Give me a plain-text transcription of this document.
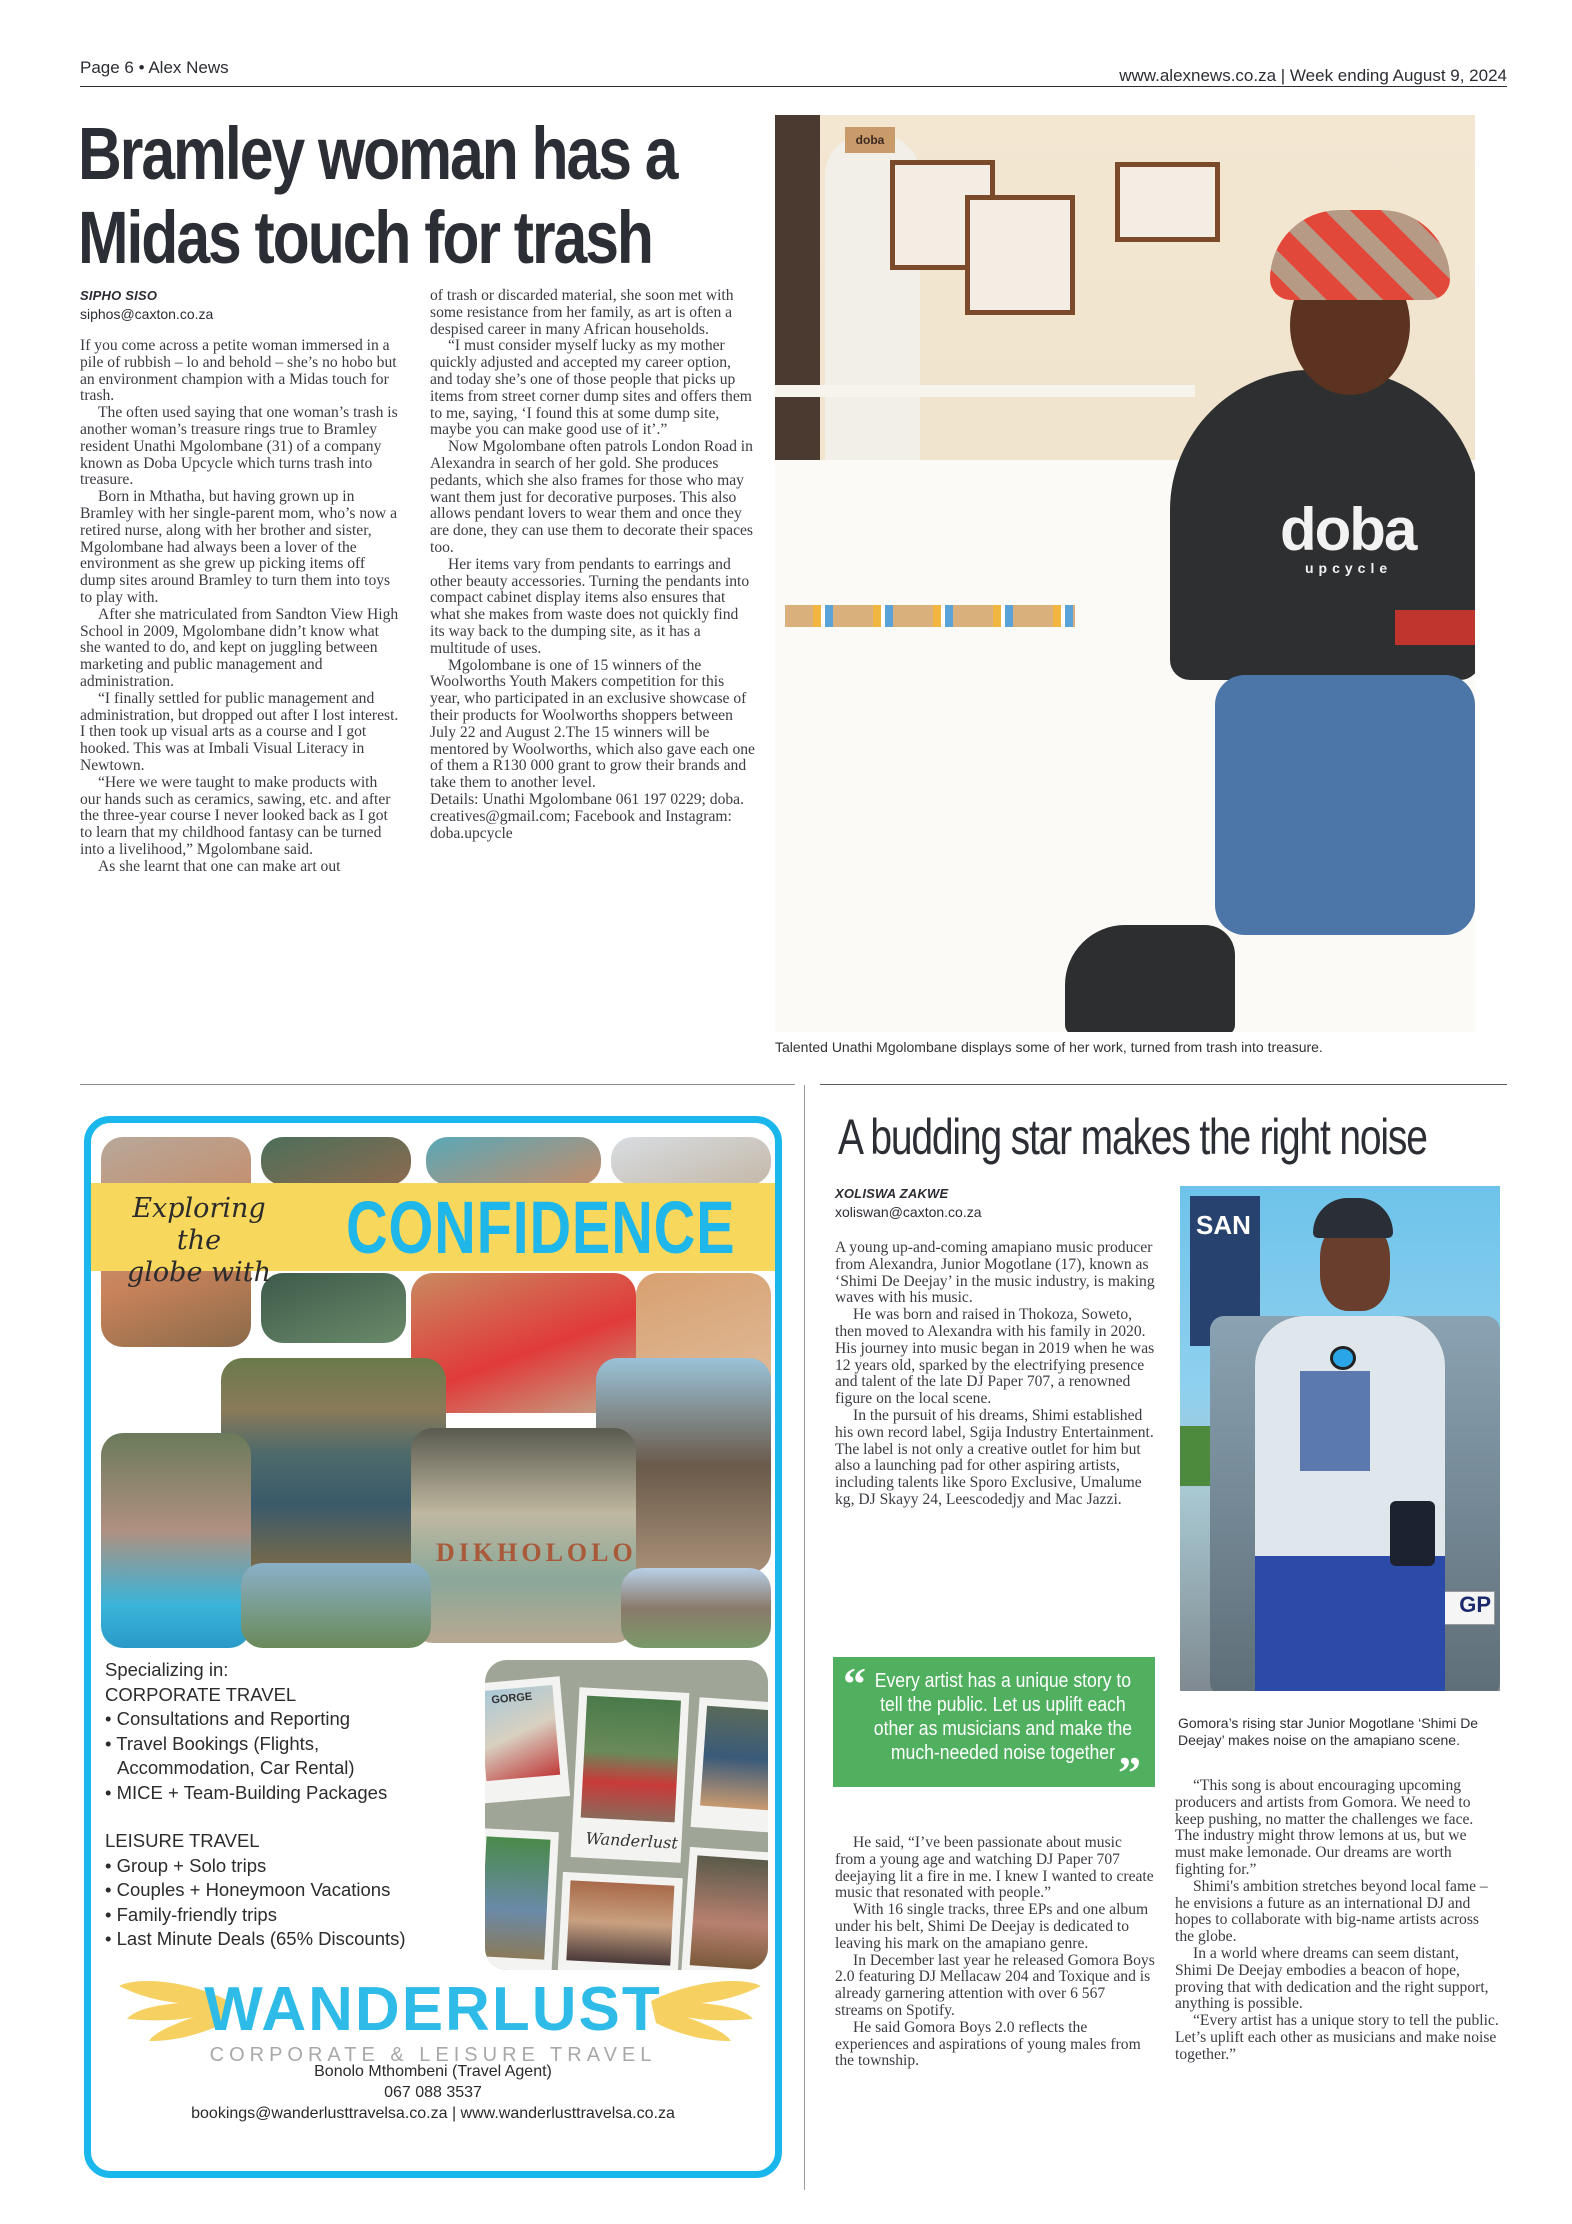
Page 6 • Alex News	www.alexnews.co.za | Week ending August 9, 2024
Bramley woman has a
Midas touch for trash
SIPHO SISO
siphos@caxton.co.za

If you come across a petite woman immersed in a pile of rubbish – lo and behold – she’s no hobo but an environment champion with a Midas touch for trash.

The often used saying that one woman’s trash is another woman’s treasure rings true to Bramley resident Unathi Mgolombane (31) of a company known as Doba Upcycle which turns trash into treasure.

Born in Mthatha, but having grown up in Bramley with her single-parent mom, who’s now a retired nurse, along with her brother and sister, Mgolombane had always been a lover of the environment as she grew up picking items off dump sites around Bramley to turn them into toys to play with.

After she matriculated from Sandton View High School in 2009, Mgolombane didn’t know what she wanted to do, and kept on juggling between marketing and public management and administration.

“I finally settled for public management and administration, but dropped out after I lost interest. I then took up visual arts as a course and I got hooked. This was at Imbali Visual Literacy in Newtown.

“Here we were taught to make products with our hands such as ceramics, sawing, etc. and after the three-year course I never looked back as I got to learn that my childhood fantasy can be turned into a livelihood,” Mgolombane said.

As she learnt that one can make art out

of trash or discarded material, she soon met with some resistance from her family, as art is often a despised career in many African households.

“I must consider myself lucky as my mother quickly adjusted and accepted my career option, and today she’s one of those people that picks up items from street corner dump sites and offers them to me, saying, ‘I found this at some dump site, maybe you can make good use of it’.”

Now Mgolombane often patrols London Road in Alexandra in search of her gold. She produces pedants, which she also frames for those who may want them just for decorative purposes. This also allows pendant lovers to wear them and once they are done, they can use them to decorate their spaces too.

Her items vary from pendants to earrings and other beauty accessories. Turning the pendants into compact cabinet display items also ensures that what she makes from waste does not quickly find its way back to the dumping site, as it has a multitude of uses.

Mgolombane is one of 15 winners of the Woolworths Youth Makers competition for this year, who participated in an exclusive showcase of their products for Woolworths shoppers between July 22 and August 2.The 15 winners will be mentored by Woolworths, which also gave each one of them a R130 000 grant to grow their brands and take them to another level.

Details: Unathi Mgolombane 061 197 0229; doba. creatives@gmail.com; Facebook and Instagram: doba.upcycle

doba
doba
upcycle
Talented Unathi Mgolombane displays some of her work, turned from trash into treasure.
DIKHOLOLO
Exploring the
globe with
CONFIDENCE
Specializing in:
CORPORATE TRAVEL
• Consultations and Reporting
• Travel Bookings (Flights,
Accommodation, Car Rental)
• MICE + Team-Building Packages
LEISURE TRAVEL
• Group + Solo trips
• Couples + Honeymoon Vacations
• Family-friendly trips
• Last Minute Deals (65% Discounts)
GORGE
Wanderlust
WANDERLUST
CORPORATE & LEISURE TRAVEL
Bonolo Mthombeni (Travel Agent)
067 088 3537
bookings@wanderlusttravelsa.co.za | www.wanderlusttravelsa.co.za
A budding star makes the right noise
XOLISWA ZAKWE
xoliswan@caxton.co.za

A young up-and-coming amapiano music producer from Alexandra, Junior Mogotlane (17), known as ‘Shimi De Deejay’ in the music industry, is making waves with his music.

He was born and raised in Thokoza, Soweto, then moved to Alexandra with his family in 2020. His journey into music began in 2019 when he was 12 years old, sparked by the electrifying presence and talent of the late DJ Paper 707, a renowned figure on the local scene.

In the pursuit of his dreams, Shimi established his own record label, Sgija Industry Entertainment. The label is not only a creative outlet for him but also a launching pad for other aspiring artists, including talents like Sporo Exclusive, Umalume kg, DJ Skayy 24, Leescodedjy and Mac Jazzi.

“ Every artist has a unique story to tell the public. Let us uplift each other as musicians and make the much-needed noise together ”

He said, “I’ve been passionate about music from a young age and watching DJ Paper 707 deejaying lit a fire in me. I knew I wanted to create music that resonated with people.”

With 16 single tracks, three EPs and one album under his belt, Shimi De Deejay is dedicated to leaving his mark on the amapiano genre.

In December last year he released Gomora Boys 2.0 featuring DJ Mellacaw 204 and Toxique and is already garnering attention with over 6 567 streams on Spotify.

He said Gomora Boys 2.0 reflects the experiences and aspirations of young males from the township.

SAN
GP
Gomora’s rising star Junior Mogotlane ‘Shimi De Deejay’ makes noise on the amapiano scene.

“This song is about encouraging upcoming producers and artists from Gomora. We need to keep pushing, no matter the challenges we face. The industry might throw lemons at us, but we must make lemonade. Our dreams are worth fighting for.”

Shimi's ambition stretches beyond local fame – he envisions a future as an international DJ and hopes to collaborate with big-name artists across the globe.

In a world where dreams can seem distant, Shimi De Deejay embodies a beacon of hope, proving that with dedication and the right support, anything is possible.

“Every artist has a unique story to tell the public. Let’s uplift each other as musicians and make noise together.”
